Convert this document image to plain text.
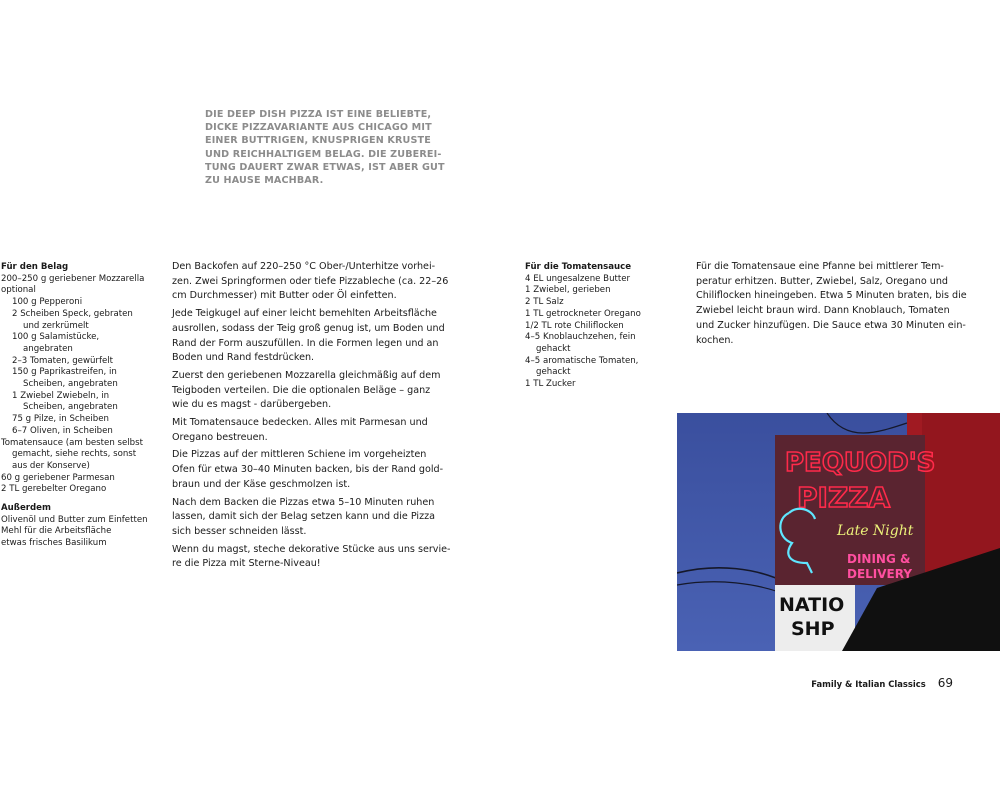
DIE DEEP DISH PIZZA IST EINE BELIEBTE,
DICKE PIZZAVARIANTE AUS CHICAGO MIT
EINER BUTTRIGEN, KNUSPRIGEN KRUSTE
UND REICHHALTIGEM BELAG. DIE ZUBEREI-
TUNG DAUERT ZWAR ETWAS, IST ABER GUT
ZU HAUSE MACHBAR.
Für den Belag
200–250 g geriebener Mozzarella
optional
100 g Pepperoni
2 Scheiben Speck, gebraten
und zerkrümelt
100 g Salamistücke,
angebraten
2–3 Tomaten, gewürfelt
150 g Paprikastreifen, in
Scheiben, angebraten
1 Zwiebel Zwiebeln, in
Scheiben, angebraten
75 g Pilze, in Scheiben
6–7 Oliven, in Scheiben
Tomatensauce (am besten selbst
gemacht, siehe rechts, sonst
aus der Konserve)
60 g geriebener Parmesan
2 TL gerebelter Oregano
Außerdem
Olivenöl und Butter zum Einfetten
Mehl für die Arbeitsfläche
etwas frisches Basilikum

Den Backofen auf 220–250 °C Ober-/Unterhitze vorhei-
zen. Zwei Springformen oder tiefe Pizzableche (ca. 22–26
cm Durchmesser) mit Butter oder Öl einfetten.

Jede Teigkugel auf einer leicht bemehlten Arbeitsfläche
ausrollen, sodass der Teig groß genug ist, um Boden und
Rand der Form auszufüllen. In die Formen legen und an
Boden und Rand festdrücken.

Zuerst den geriebenen Mozzarella gleichmäßig auf dem
Teigboden verteilen. Die die optionalen Beläge – ganz
wie du es magst - darübergeben.

Mit Tomatensauce bedecken. Alles mit Parmesan und
Oregano bestreuen.

Die Pizzas auf der mittleren Schiene im vorgeheizten
Ofen für etwa 30–40 Minuten backen, bis der Rand gold-
braun und der Käse geschmolzen ist.

Nach dem Backen die Pizzas etwa 5–10 Minuten ruhen
lassen, damit sich der Belag setzen kann und die Pizza
sich besser schneiden lässt.

Wenn du magst, steche dekorative Stücke aus uns servie-
re die Pizza mit Sterne-Niveau!

Für die Tomatensauce
4 EL ungesalzene Butter
1 Zwiebel, gerieben
2 TL Salz
1 TL getrockneter Oregano
1/2 TL rote Chiliflocken
4–5 Knoblauchzehen, fein
gehackt
4–5 aromatische Tomaten,
gehackt
1 TL Zucker

Für die Tomatensaue eine Pfanne bei mittlerer Tem-
peratur erhitzen. Butter, Zwiebel, Salz, Oregano und
Chiliflocken hineingeben. Etwa 5 Minuten braten, bis die
Zwiebel leicht braun wird. Dann Knoblauch, Tomaten
und Zucker hinzufügen. Die Sauce etwa 30 Minuten ein-
kochen.

PEQUOD'S
PIZZA
Late Night
DINING &
DELIVERY
NATIO
SHP
Family & Italian Classics 69
